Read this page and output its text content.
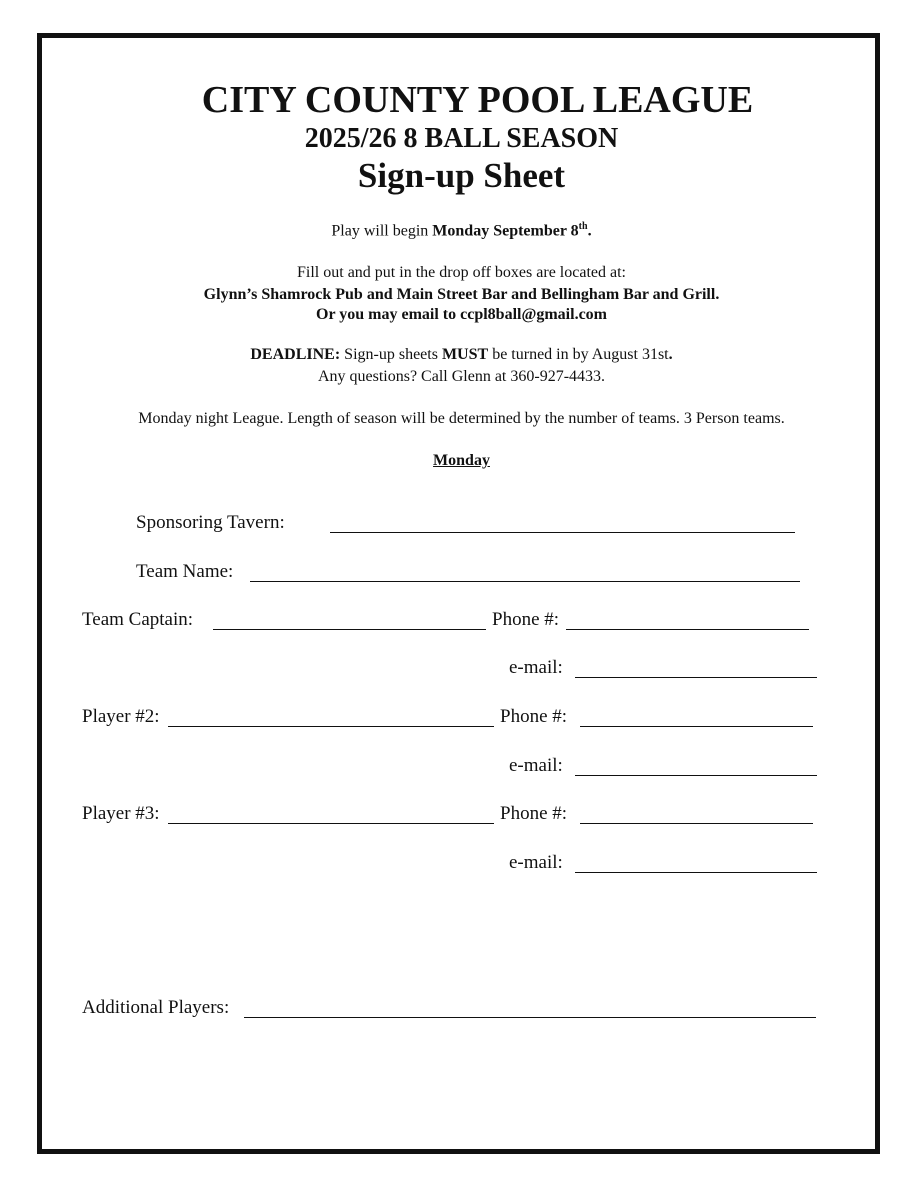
CITY COUNTY POOL LEAGUE
2025/26 8 BALL SEASON
Sign-up Sheet
Play will begin Monday September 8th.
Fill out and put in the drop off boxes are located at:
Glynn’s Shamrock Pub and Main Street Bar and Bellingham Bar and Grill.
Or you may email to ccpl8ball@gmail.com
DEADLINE: Sign-up sheets MUST be turned in by August 31st.
Any questions? Call Glenn at 360-927-4433.
Monday night League. Length of season will be determined by the number of teams. 3 Person teams.
Monday
Sponsoring Tavern:
Team Name:
Team Captain:	Phone #:
e-mail:
Player #2:	Phone #:
e-mail:
Player #3:	Phone #:
e-mail:
Additional Players:
